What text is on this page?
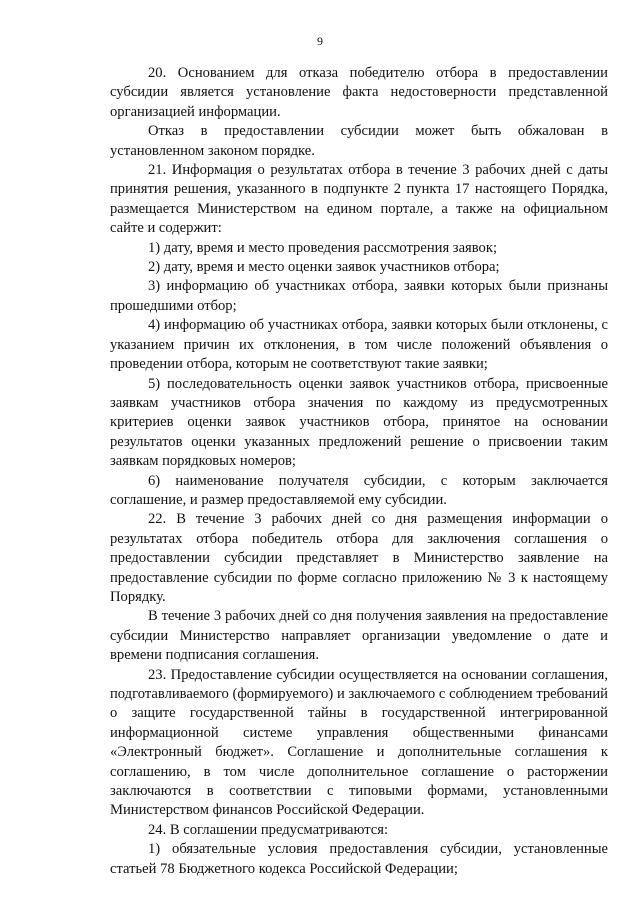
9

20. Основанием для отказа победителю отбора в предоставлении субсидии является установление факта недостоверности представленной организацией информации.

Отказ в предоставлении субсидии может быть обжалован в установленном законом порядке.

21. Информация о результатах отбора в течение 3 рабочих дней с даты принятия решения, указанного в подпункте 2 пункта 17 настоящего Порядка, размещается Министерством на едином портале, а также на официальном сайте и содержит:

1) дату, время и место проведения рассмотрения заявок;

2) дату, время и место оценки заявок участников отбора;

3) информацию об участниках отбора, заявки которых были признаны прошедшими отбор;

4) информацию об участниках отбора, заявки которых были отклонены, с указанием причин их отклонения, в том числе положений объявления о проведении отбора, которым не соответствуют такие заявки;

5) последовательность оценки заявок участников отбора, присвоенные заявкам участников отбора значения по каждому из предусмотренных критериев оценки заявок участников отбора, принятое на основании результатов оценки указанных предложений решение о присвоении таким заявкам порядковых номеров;

6) наименование получателя субсидии, с которым заключается соглашение, и размер предоставляемой ему субсидии.

22. В течение 3 рабочих дней со дня размещения информации о результатах отбора победитель отбора для заключения соглашения о предоставлении субсидии представляет в Министерство заявление на предоставление субсидии по форме согласно приложению № 3 к настоящему Порядку.

В течение 3 рабочих дней со дня получения заявления на предоставление субсидии Министерство направляет организации уведомление о дате и времени подписания соглашения.

23. Предоставление субсидии осуществляется на основании соглашения, подготавливаемого (формируемого) и заключаемого с соблюдением требований о защите государственной тайны в государственной интегрированной информационной системе управления общественными финансами «Электронный бюджет». Соглашение и дополнительные соглашения к соглашению, в том числе дополнительное соглашение о расторжении заключаются в соответствии с типовыми формами, установленными Министерством финансов Российской Федерации.

24. В соглашении предусматриваются:

1) обязательные условия предоставления субсидии, установленные статьей 78 Бюджетного кодекса Российской Федерации;
